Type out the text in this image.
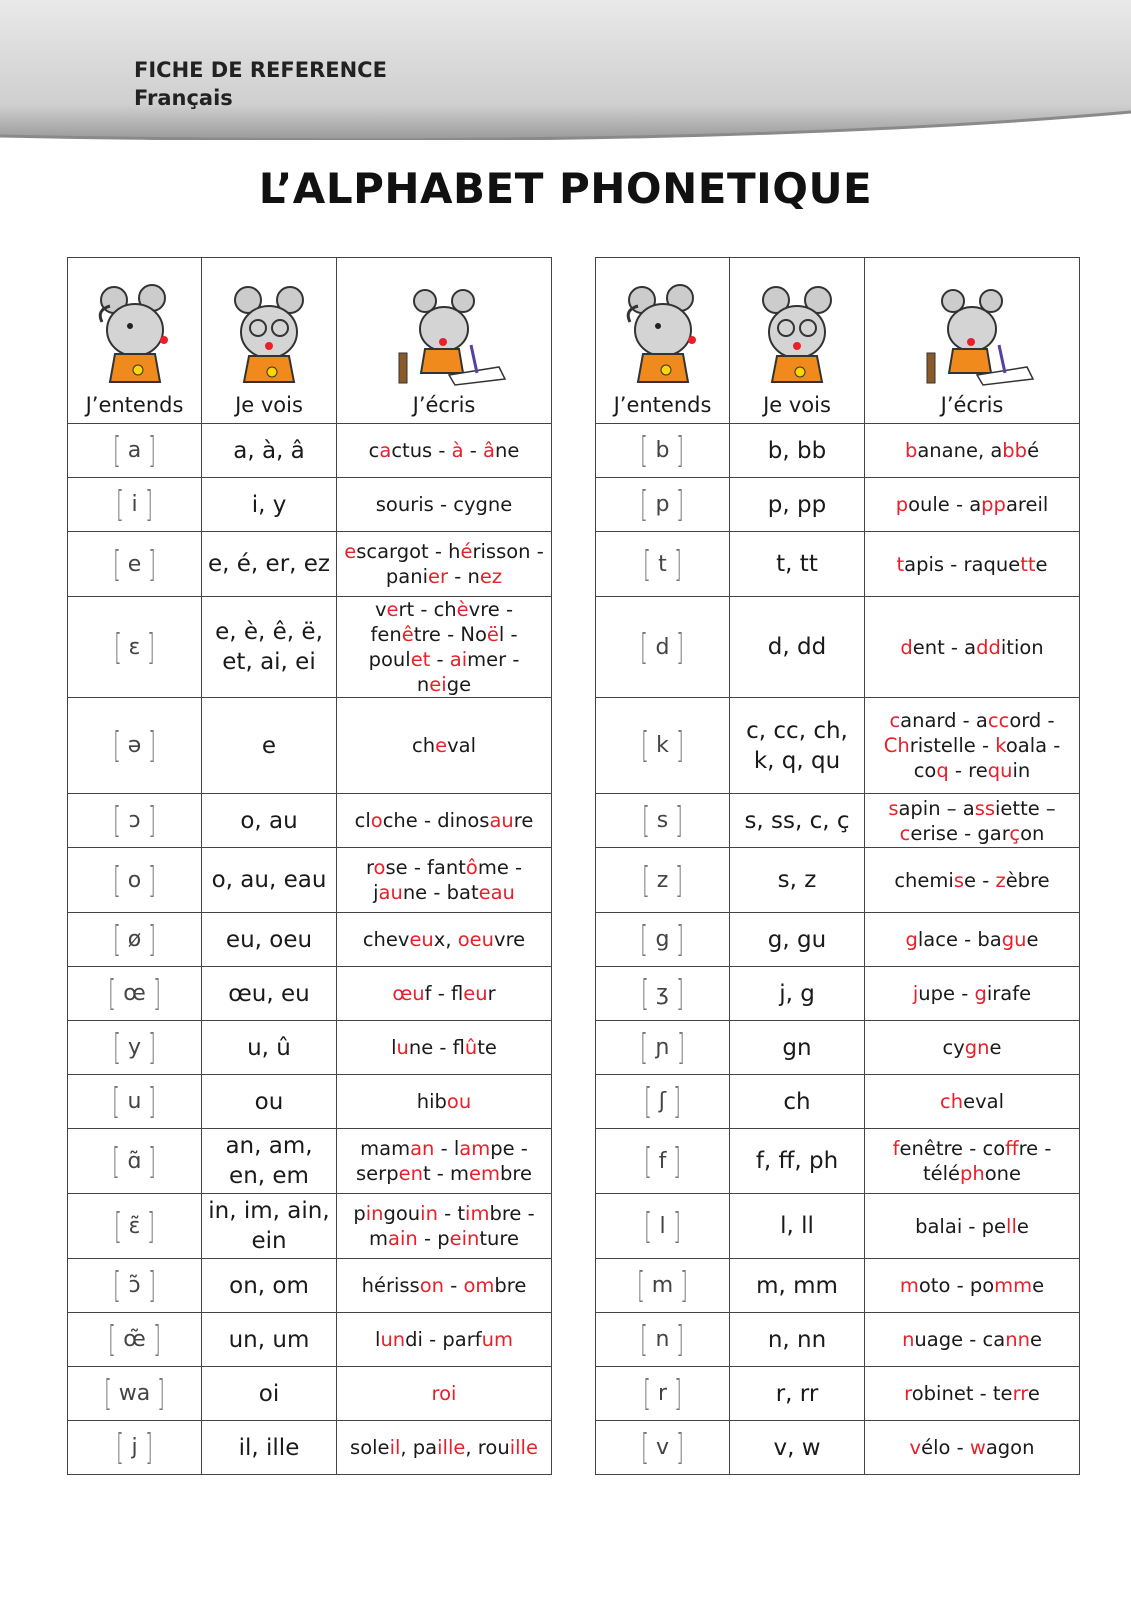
FICHE DE REFERENCE
Français
L’ALPHABET PHONETIQUE
J’entends	Je vois	J’écris

[ a ]	a, à, â	cactus - à - âne

[ i ]	i, y	souris - cygne

[ e ]	e, é, er, ez	escargot - hérisson - panier - nez

[ ɛ ]	e, è, ê, ë, et, ai, ei	vert - chèvre - fenêtre - Noël - poulet - aimer - neige

[ ə ]	e	cheval

[ ɔ ]	o, au	cloche - dinosaure

[ o ]	o, au, eau	rose - fantôme - jaune - bateau

[ ø ]	eu, oeu	cheveux, oeuvre

[ œ ]	œu, eu	œuf - fleur

[ y ]	u, û	lune - flûte

[ u ]	ou	hibou

[ ɑ̃ ]	an, am, en, em	maman - lampe - serpent - membre

[ ɛ̃ ]	in, im, ain, ein	pingouin - timbre - main - peinture

[ ɔ̃ ]	on, om	hérisson - ombre

[ œ̃ ]	un, um	lundi - parfum

[ wa ]	oi	roi

[ j ]	il, ille	soleil, paille, rouille
J’entends	Je vois	J’écris

[ b ]	b, bb	banane, abbé

[ p ]	p, pp	poule - appareil

[ t ]	t, tt	tapis - raquette

[ d ]	d, dd	dent - addition

[ k ]	c, cc, ch, k, q, qu	canard - accord - Christelle - koala - coq - requin

[ s ]	s, ss, c, ç	sapin – assiette – cerise - garçon

[ z ]	s, z	chemise - zèbre

[ g ]	g, gu	glace - bague

[ ʒ ]	j, g	jupe - girafe

[ ɲ ]	gn	cygne

[ ʃ ]	ch	cheval

[ f ]	f, ff, ph	fenêtre - coffre - téléphone

[ l ]	l, ll	balai - pelle

[ m ]	m, mm	moto - pomme

[ n ]	n, nn	nuage - canne

[ r ]	r, rr	robinet - terre

[ v ]	v, w	vélo - wagon
